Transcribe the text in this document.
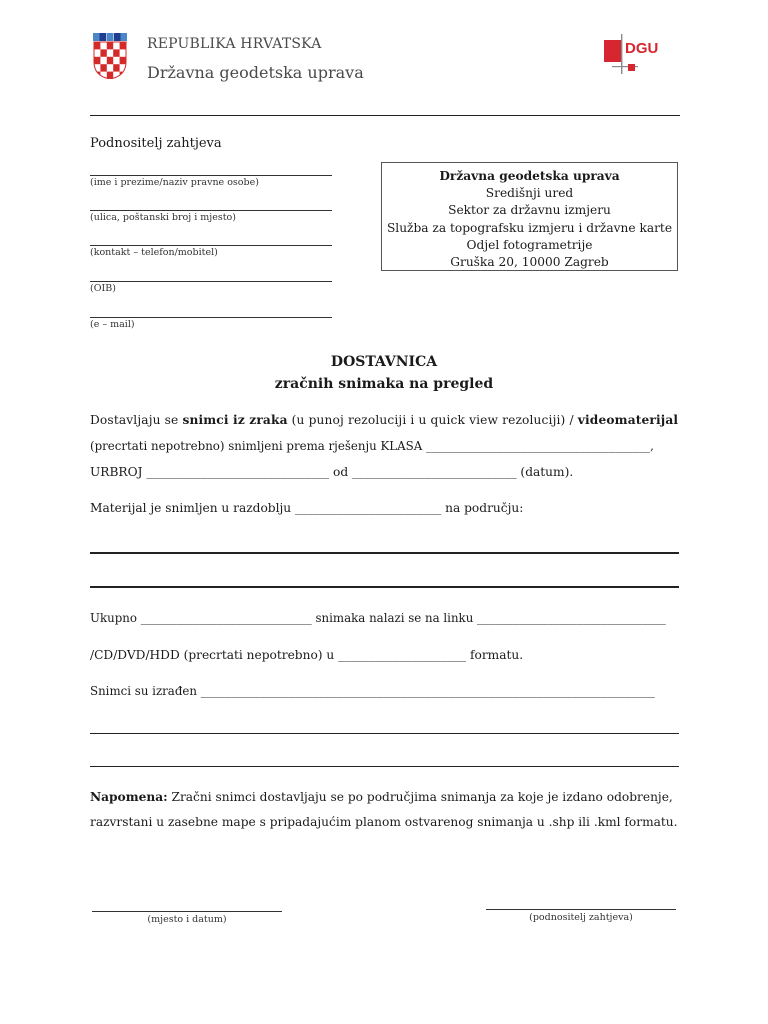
REPUBLIKA HRVATSKA
Državna geodetska uprava
DGU
Podnositelj zahtjeva
(ime i prezime/naziv pravne osobe)
(ulica, poštanski broj i mjesto)
(kontakt – telefon/mobitel)
(OIB)
(e – mail)
Državna geodetska uprava
Središnji ured
Sektor za državnu izmjeru
Služba za topografsku izmjeru i državne karte
Odjel fotogrametrije
Gruška 20, 10000 Zagreb
DOSTAVNICA
zračnih snimaka na pregled
Dostavljaju se snimci iz zraka (u punoj rezoluciji i u quick view rezoluciji) / videomaterijal
(precrtati nepotrebno) snimljeni prema rješenju KLASA ______________________________________,
URBROJ ______________________________ od ___________________________ (datum).
Materijal je snimljen u razdoblju ________________________ na području:
Ukupno _____________________________ snimaka nalazi se na linku ________________________________
/CD/DVD/HDD (precrtati nepotrebno) u _____________________ formatu.
Snimci su izrađen _____________________________________________________________________________
Napomena: Zračni snimci dostavljaju se po područjima snimanja za koje je izdano odobrenje,
razvrstani u zasebne mape s pripadajućim planom ostvarenog snimanja u .shp ili .kml formatu.
(mjesto i datum)	(podnositelj zahtjeva)
